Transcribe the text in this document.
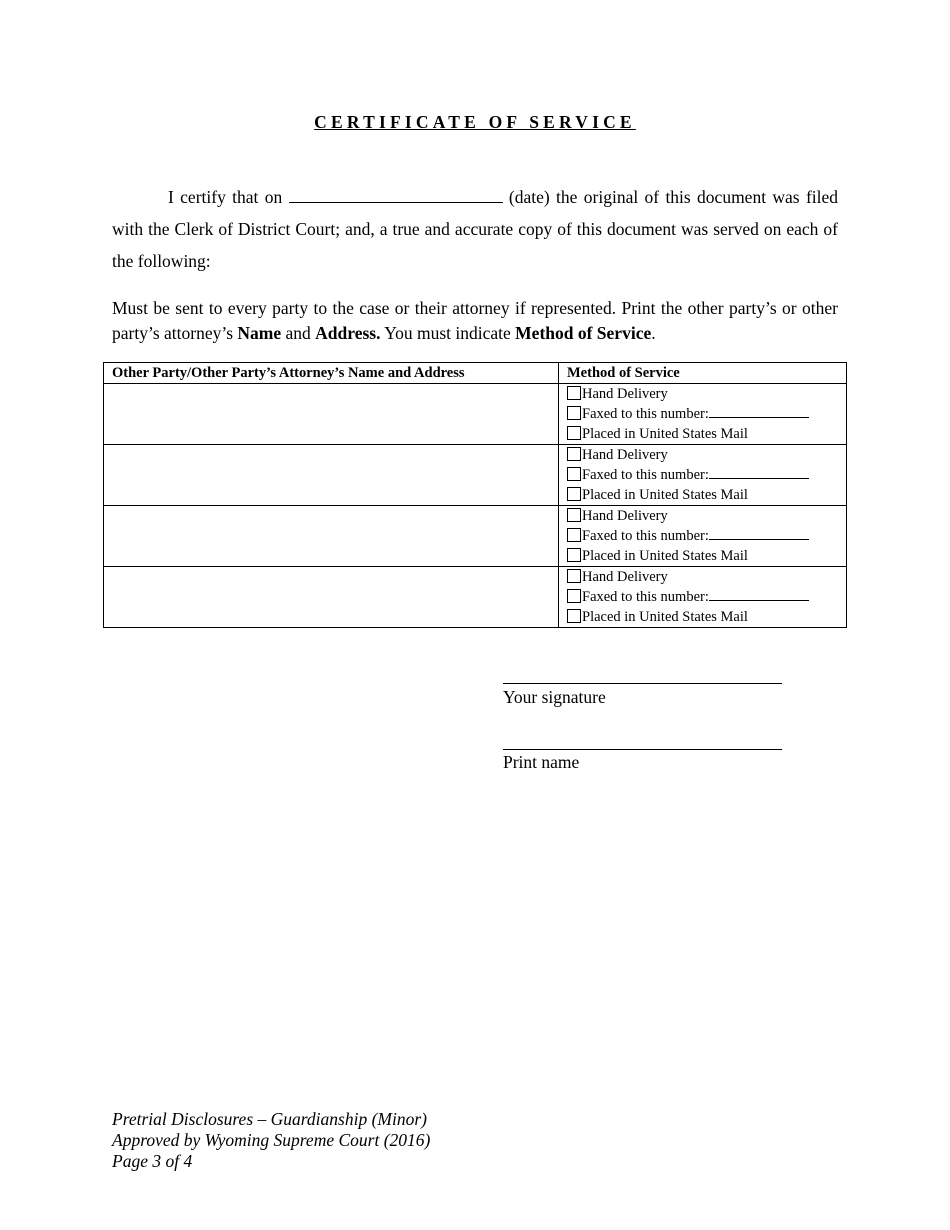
CERTIFICATE OF SERVICE
I certify that on	(date) the original of this document was filed with the Clerk of District Court; and, a true and accurate copy of this document was served on each of the following:
Must be sent to every party to the case or their attorney if represented. Print the other party’s or other party’s attorney’s Name and Address. You must indicate Method of Service.
Other Party/Other Party’s Attorney’s Name and Address	Method of Service

	Hand Delivery
Faxed to this number:
Placed in United States Mail

	Hand Delivery
Faxed to this number:
Placed in United States Mail

	Hand Delivery
Faxed to this number:
Placed in United States Mail

	Hand Delivery
Faxed to this number:
Placed in United States Mail
Your signature
Print name
Pretrial Disclosures – Guardianship (Minor)
Approved by Wyoming Supreme Court (2016)
Page 3 of 4
